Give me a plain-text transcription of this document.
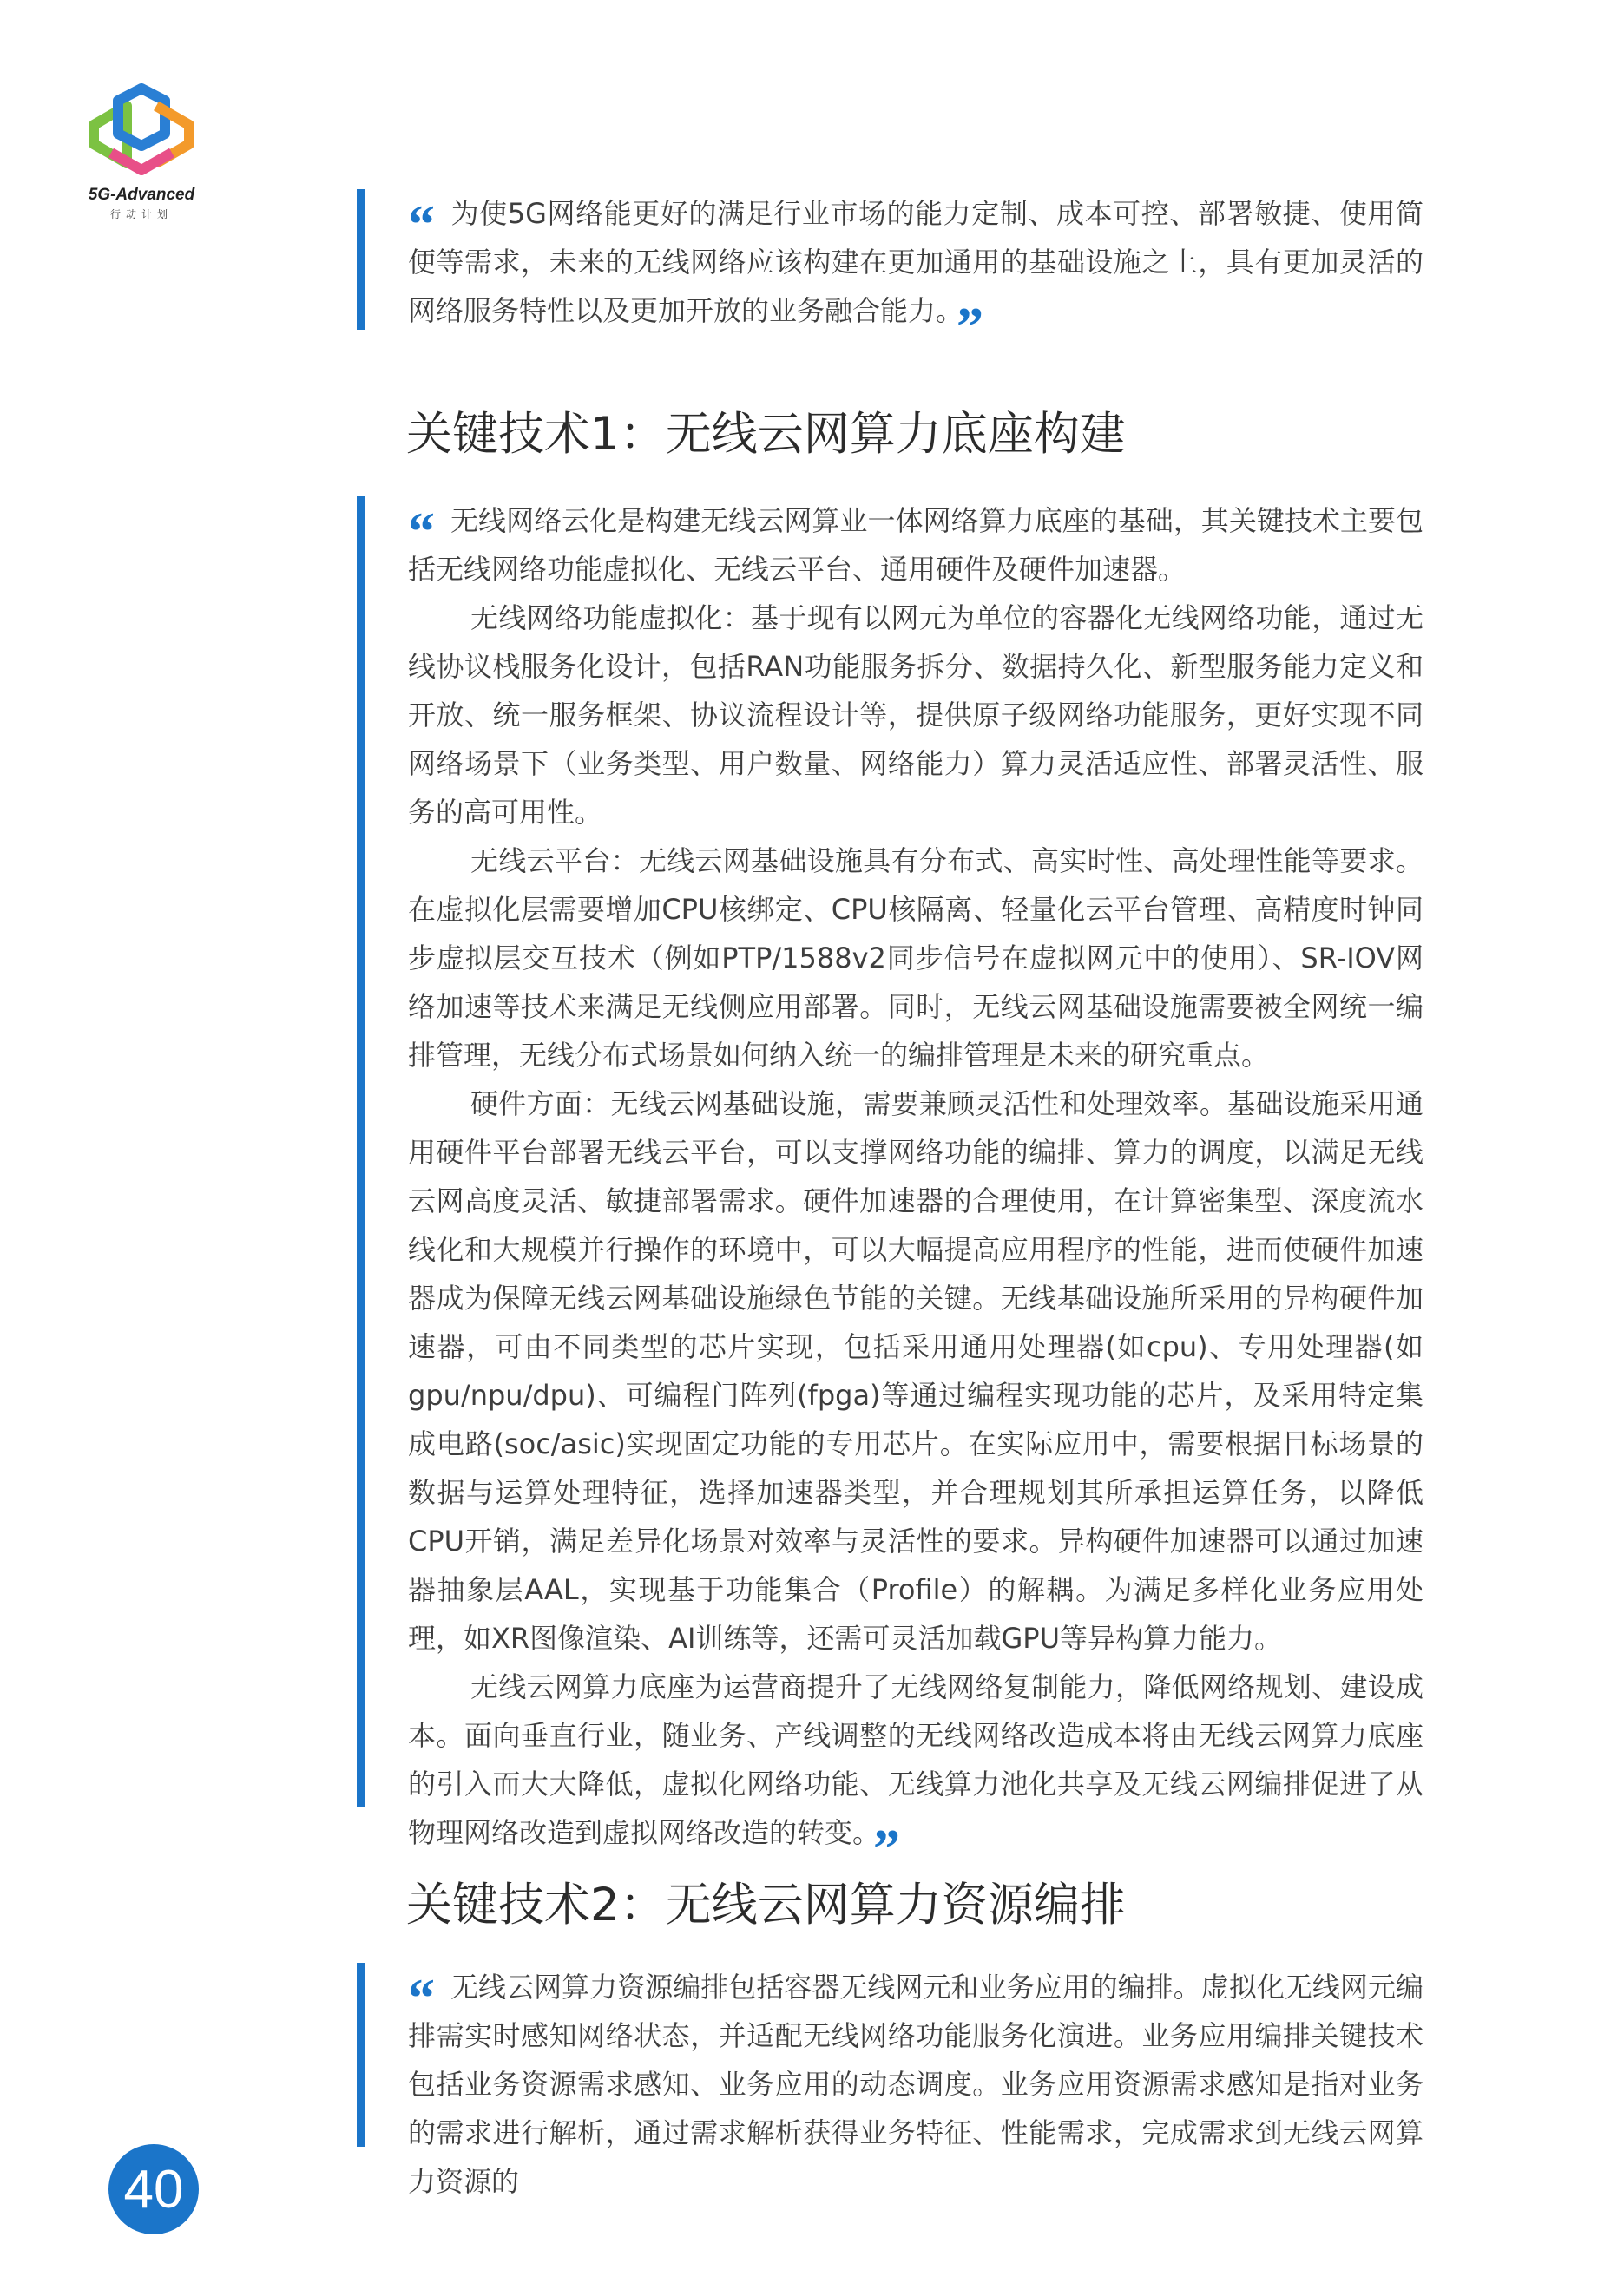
5G-Advanced
行动计划	“ 为使5G网络能更好的满足行业市场的能力定制、成本可控、部署敏捷、使用简便等需求，未来的无线网络应该构建在更加通用的基础设施之上，具有更加灵活的网络服务特性以及更加开放的业务融合能力。 ”

关键技术1：无线云网算力底座构建

“ 无线网络云化是构建无线云网算业一体网络算力底座的基础，其关键技术主要包括无线网络功能虚拟化、无线云平台、通用硬件及硬件加速器。

无线网络功能虚拟化：基于现有以网元为单位的容器化无线网络功能，通过无线协议栈服务化设计，包括RAN功能服务拆分、数据持久化、新型服务能力定义和开放、统一服务框架、协议流程设计等，提供原子级网络功能服务，更好实现不同网络场景下（业务类型、用户数量、网络能力）算力灵活适应性、部署灵活性、服务的高可用性。

无线云平台：无线云网基础设施具有分布式、高实时性、高处理性能等要求。在虚拟化层需要增加CPU核绑定、CPU核隔离、轻量化云平台管理、高精度时钟同步虚拟层交互技术（例如PTP/1588v2同步信号在虚拟网元中的使用）、SR-IOV网络加速等技术来满足无线侧应用部署。同时，无线云网基础设施需要被全网统一编排管理，无线分布式场景如何纳入统一的编排管理是未来的研究重点。

硬件方面：无线云网基础设施，需要兼顾灵活性和处理效率。基础设施采用通用硬件平台部署无线云平台，可以支撑网络功能的编排、算力的调度，以满足无线云网高度灵活、敏捷部署需求。硬件加速器的合理使用，在计算密集型、深度流水线化和大规模并行操作的环境中，可以大幅提高应用程序的性能，进而使硬件加速器成为保障无线云网基础设施绿色节能的关键。无线基础设施所采用的异构硬件加速器，可由不同类型的芯片实现，包括采用通用处理器(如cpu)、专用处理器(如gpu/npu/dpu)、可编程门阵列(fpga)等通过编程实现功能的芯片，及采用特定集成电路(soc/asic)实现固定功能的专用芯片。在实际应用中，需要根据目标场景的数据与运算处理特征，选择加速器类型，并合理规划其所承担运算任务，以降低CPU开销，满足差异化场景对效率与灵活性的要求。异构硬件加速器可以通过加速器抽象层AAL，实现基于功能集合（Profile）的解耦。为满足多样化业务应用处理，如XR图像渲染、AI训练等，还需可灵活加载GPU等异构算力能力。

无线云网算力底座为运营商提升了无线网络复制能力，降低网络规划、建设成本。面向垂直行业，随业务、产线调整的无线网络改造成本将由无线云网算力底座的引入而大大降低，虚拟化网络功能、无线算力池化共享及无线云网编排促进了从物理网络改造到虚拟网络改造的转变。 ”

关键技术2：无线云网算力资源编排

“ 无线云网算力资源编排包括容器无线网元和业务应用的编排。虚拟化无线网元编排需实时感知网络状态，并适配无线网络功能服务化演进。业务应用编排关键技术包括业务资源需求感知、业务应用的动态调度。业务应用资源需求感知是指对业务的需求进行解析，通过需求解析获得业务特征、性能需求，完成需求到无线云网算力资源的

40
